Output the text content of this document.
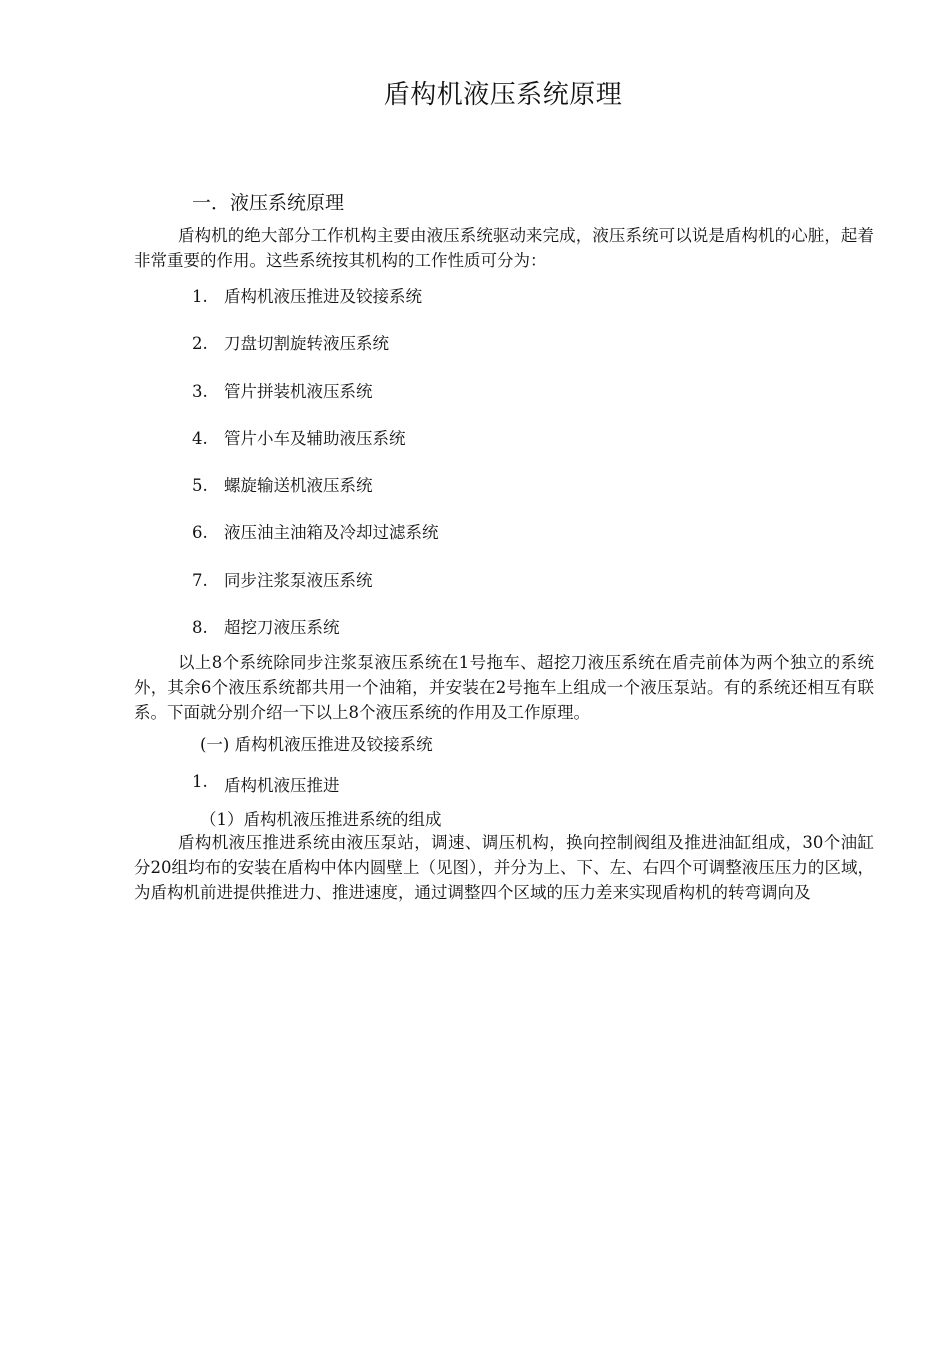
盾构机液压系统原理
一．液压系统原理
盾构机的绝大部分工作机构主要由液压系统驱动来完成，液压系统可以说是盾构机的心脏，起着非常重要的作用。这些系统按其机构的工作性质可分为：
1. 盾构机液压推进及铰接系统
2. 刀盘切割旋转液压系统
3. 管片拼装机液压系统
4. 管片小车及辅助液压系统
5. 螺旋输送机液压系统
6. 液压油主油箱及冷却过滤系统
7. 同步注浆泵液压系统
8. 超挖刀液压系统
以上8个系统除同步注浆泵液压系统在1号拖车、超挖刀液压系统在盾壳前体为两个独立的系统外，其余6个液压系统都共用一个油箱，并安装在2号拖车上组成一个液压泵站。有的系统还相互有联系。下面就分别介绍一下以上8个液压系统的作用及工作原理。
(一) 盾构机液压推进及铰接系统
1. 盾构机液压推进
（1）盾构机液压推进系统的组成
盾构机液压推进系统由液压泵站，调速、调压机构，换向控制阀组及推进油缸组成，30个油缸分20组均布的安装在盾构中体内圆壁上（见图），并分为上、下、左、右四个可调整液压压力的区域，为盾构机前进提供推进力、推进速度，通过调整四个区域的压力差来实现盾构机的转弯调向及
